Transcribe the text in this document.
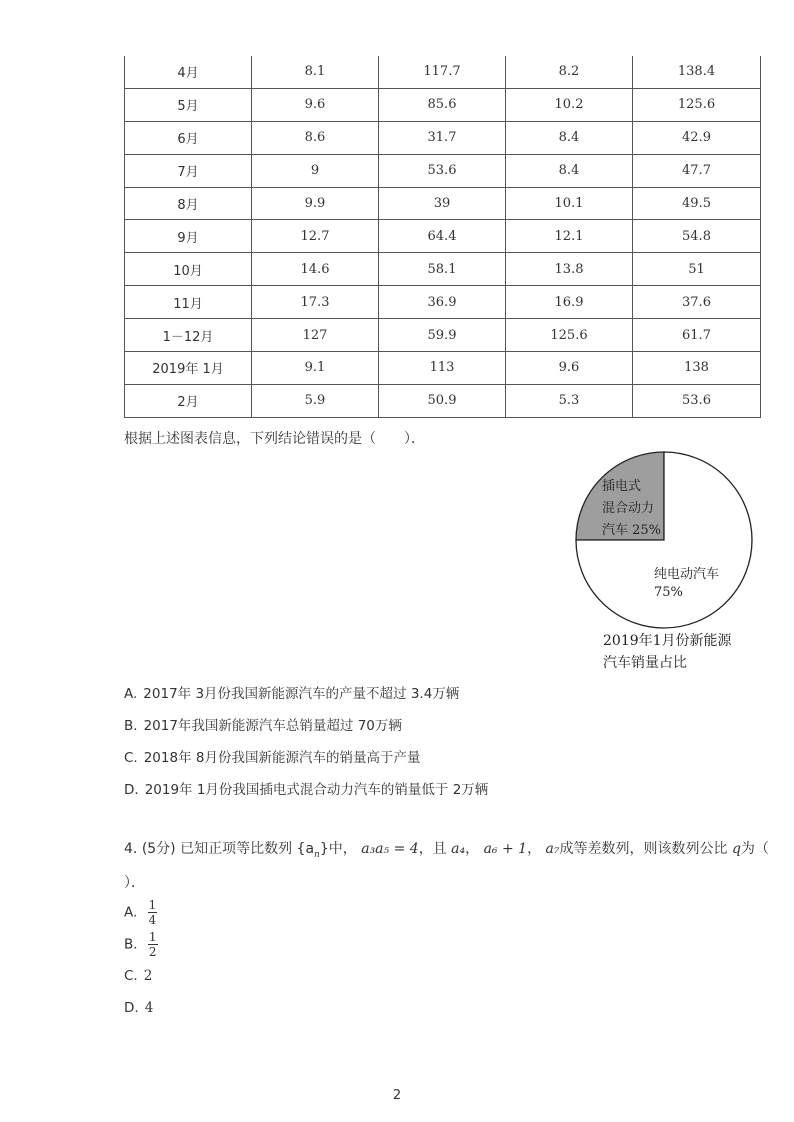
4月	8.1	117.7	8.2	138.4
5月	9.6	85.6	10.2	125.6
6月	8.6	31.7	8.4	42.9
7月	9	53.6	8.4	47.7
8月	9.9	39	10.1	49.5
9月	12.7	64.4	12.1	54.8
10月	14.6	58.1	13.8	51
11月	17.3	36.9	16.9	37.6
1－12月	127	59.9	125.6	61.7
2019年 1月	9.1	113	9.6	138
2月	5.9	50.9	5.3	53.6
根据上述图表信息，下列结论错误的是（　　）．
插电式
混合动力
汽车 25%
纯电动汽车
75%
2019年1月份新能源
汽车销量占比
A. 2017年 3月份我国新能源汽车的产量不超过 3.4万辆
B. 2017年我国新能源汽车总销量超过 70万辆
C. 2018年 8月份我国新能源汽车的销量高于产量
D. 2019年 1月份我国插电式混合动力汽车的销量低于 2万辆
4. (5分) 已知正项等比数列 $\{a_n\}$中， a₃a₅ = 4，且 a₄， a₆ + 1， a₇成等差数列，则该数列公比 q为（
）．
A. $\frac{1}{4}$
B. $\frac{1}{2}$
C. 2
D. 4
2
